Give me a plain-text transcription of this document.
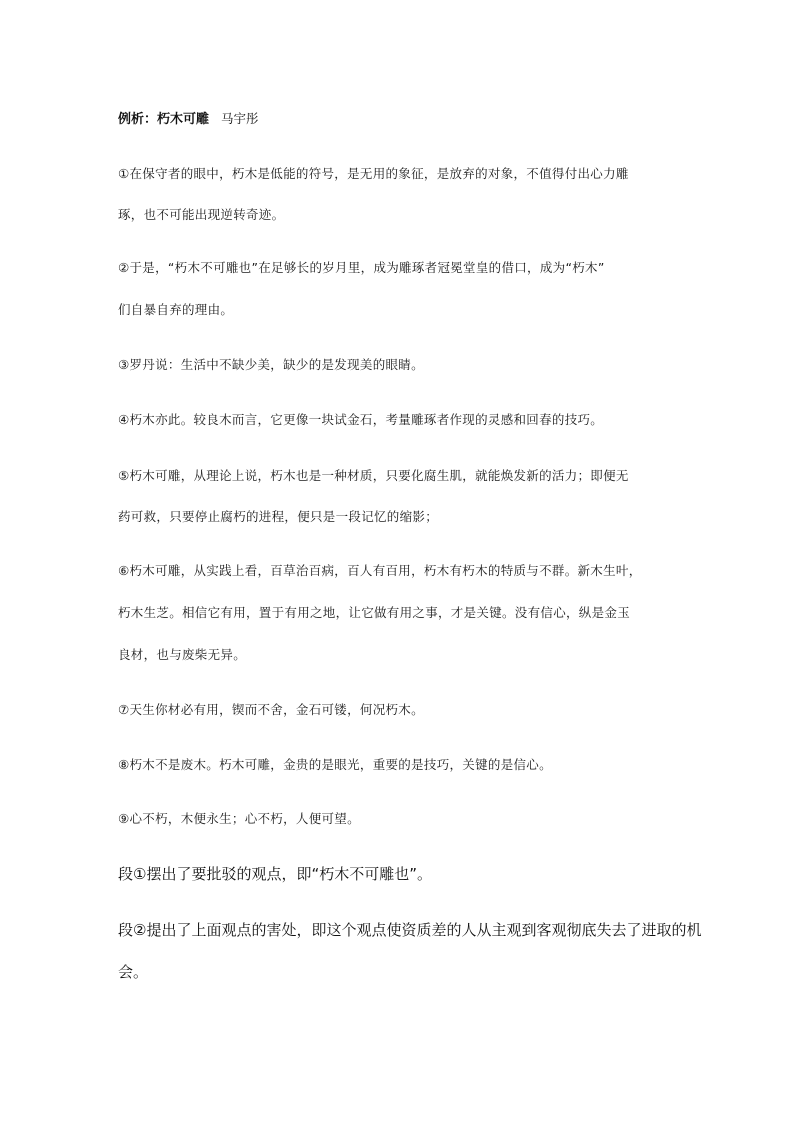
例析：朽木可雕 马宇彤

①在保守者的眼中，朽木是低能的符号，是无用的象征，是放弃的对象，不值得付出心力雕

琢，也不可能出现逆转奇迹。

②于是，“朽木不可雕也”在足够长的岁月里，成为雕琢者冠冕堂皇的借口，成为“朽木”

们自暴自弃的理由。

③罗丹说：生活中不缺少美，缺少的是发现美的眼睛。

④朽木亦此。较良木而言，它更像一块试金石，考量雕琢者作现的灵感和回春的技巧。

⑤朽木可雕，从理论上说，朽木也是一种材质，只要化腐生肌，就能焕发新的活力；即便无

药可救，只要停止腐朽的进程，便只是一段记忆的缩影；

⑥朽木可雕，从实践上看，百草治百病，百人有百用，朽木有朽木的特质与不群。新木生叶，

朽木生芝。相信它有用，置于有用之地，让它做有用之事，才是关键。没有信心，纵是金玉

良材，也与废柴无异。

⑦天生你材必有用，锲而不舍，金石可镂，何况朽木。

⑧朽木不是废木。朽木可雕，金贵的是眼光，重要的是技巧，关键的是信心。

⑨心不朽，木便永生；心不朽，人便可望。

段①摆出了要批驳的观点，即“朽木不可雕也”。

段②提出了上面观点的害处，即这个观点使资质差的人从主观到客观彻底失去了进取的机

会。
